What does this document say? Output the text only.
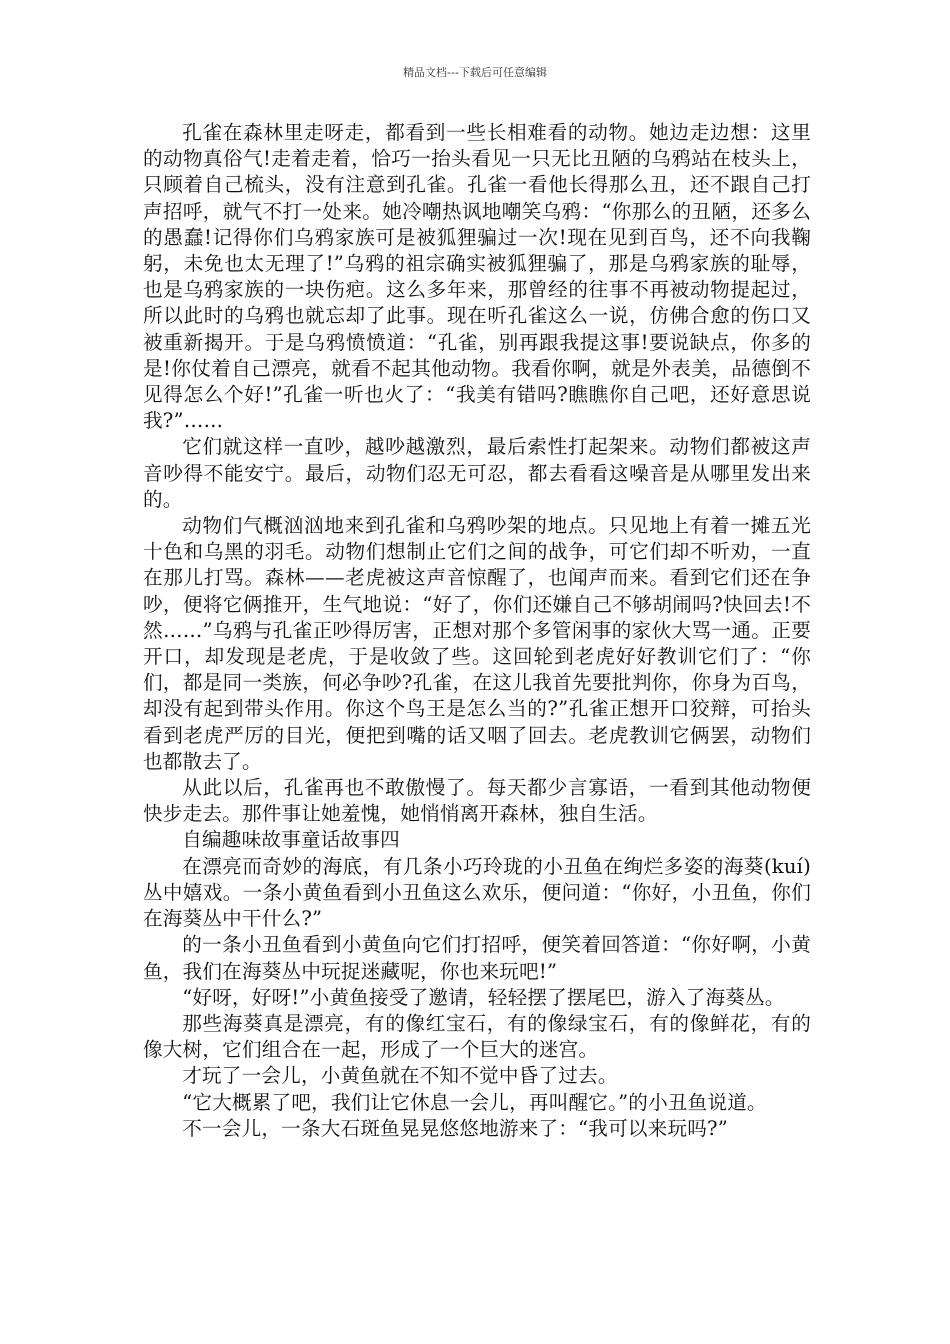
精品文档---下载后可任意编辑

孔雀在森林里走呀走，都看到一些长相难看的动物。她边走边想：这里的动物真俗气!走着走着，恰巧一抬头看见一只无比丑陋的乌鸦站在枝头上，只顾着自己梳头，没有注意到孔雀。孔雀一看他长得那么丑，还不跟自己打声招呼，就气不打一处来。她冷嘲热讽地嘲笑乌鸦：“你那么的丑陋，还多么的愚蠢!记得你们乌鸦家族可是被狐狸骗过一次!现在见到百鸟，还不向我鞠躬，未免也太无理了!”乌鸦的祖宗确实被狐狸骗了，那是乌鸦家族的耻辱，也是乌鸦家族的一块伤疤。这么多年来，那曾经的往事不再被动物提起过，所以此时的乌鸦也就忘却了此事。现在听孔雀这么一说，仿佛合愈的伤口又被重新揭开。于是乌鸦愤愤道：“孔雀，别再跟我提这事!要说缺点，你多的是!你仗着自己漂亮，就看不起其他动物。我看你啊，就是外表美，品德倒不见得怎么个好!”孔雀一听也火了：“我美有错吗?瞧瞧你自己吧，还好意思说我?”……

它们就这样一直吵，越吵越激烈，最后索性打起架来。动物们都被这声音吵得不能安宁。最后，动物们忍无可忍，都去看看这噪音是从哪里发出来的。

动物们气概汹汹地来到孔雀和乌鸦吵架的地点。只见地上有着一摊五光十色和乌黑的羽毛。动物们想制止它们之间的战争，可它们却不听劝，一直在那儿打骂。森林——老虎被这声音惊醒了，也闻声而来。看到它们还在争吵，便将它俩推开，生气地说：“好了，你们还嫌自己不够胡闹吗?快回去!不然……”乌鸦与孔雀正吵得厉害，正想对那个多管闲事的家伙大骂一通。正要开口，却发现是老虎，于是收敛了些。这回轮到老虎好好教训它们了：“你们，都是同一类族，何必争吵?孔雀，在这儿我首先要批判你，你身为百鸟，却没有起到带头作用。你这个鸟王是怎么当的?”孔雀正想开口狡辩，可抬头看到老虎严厉的目光，便把到嘴的话又咽了回去。老虎教训它俩罢，动物们也都散去了。

从此以后，孔雀再也不敢傲慢了。每天都少言寡语，一看到其他动物便快步走去。那件事让她羞愧，她悄悄离开森林，独自生活。

自编趣味故事童话故事四

在漂亮而奇妙的海底，有几条小巧玲珑的小丑鱼在绚烂多姿的海葵(kuí)丛中嬉戏。一条小黄鱼看到小丑鱼这么欢乐，便问道：“你好，小丑鱼，你们在海葵丛中干什么?”

的一条小丑鱼看到小黄鱼向它们打招呼，便笑着回答道：“你好啊，小黄鱼，我们在海葵丛中玩捉迷藏呢，你也来玩吧!”

“好呀，好呀!”小黄鱼接受了邀请，轻轻摆了摆尾巴，游入了海葵丛。

那些海葵真是漂亮，有的像红宝石，有的像绿宝石，有的像鲜花，有的像大树，它们组合在一起，形成了一个巨大的迷宫。

才玩了一会儿，小黄鱼就在不知不觉中昏了过去。

“它大概累了吧，我们让它休息一会儿，再叫醒它。”的小丑鱼说道。

不一会儿，一条大石斑鱼晃晃悠悠地游来了：“我可以来玩吗?”
